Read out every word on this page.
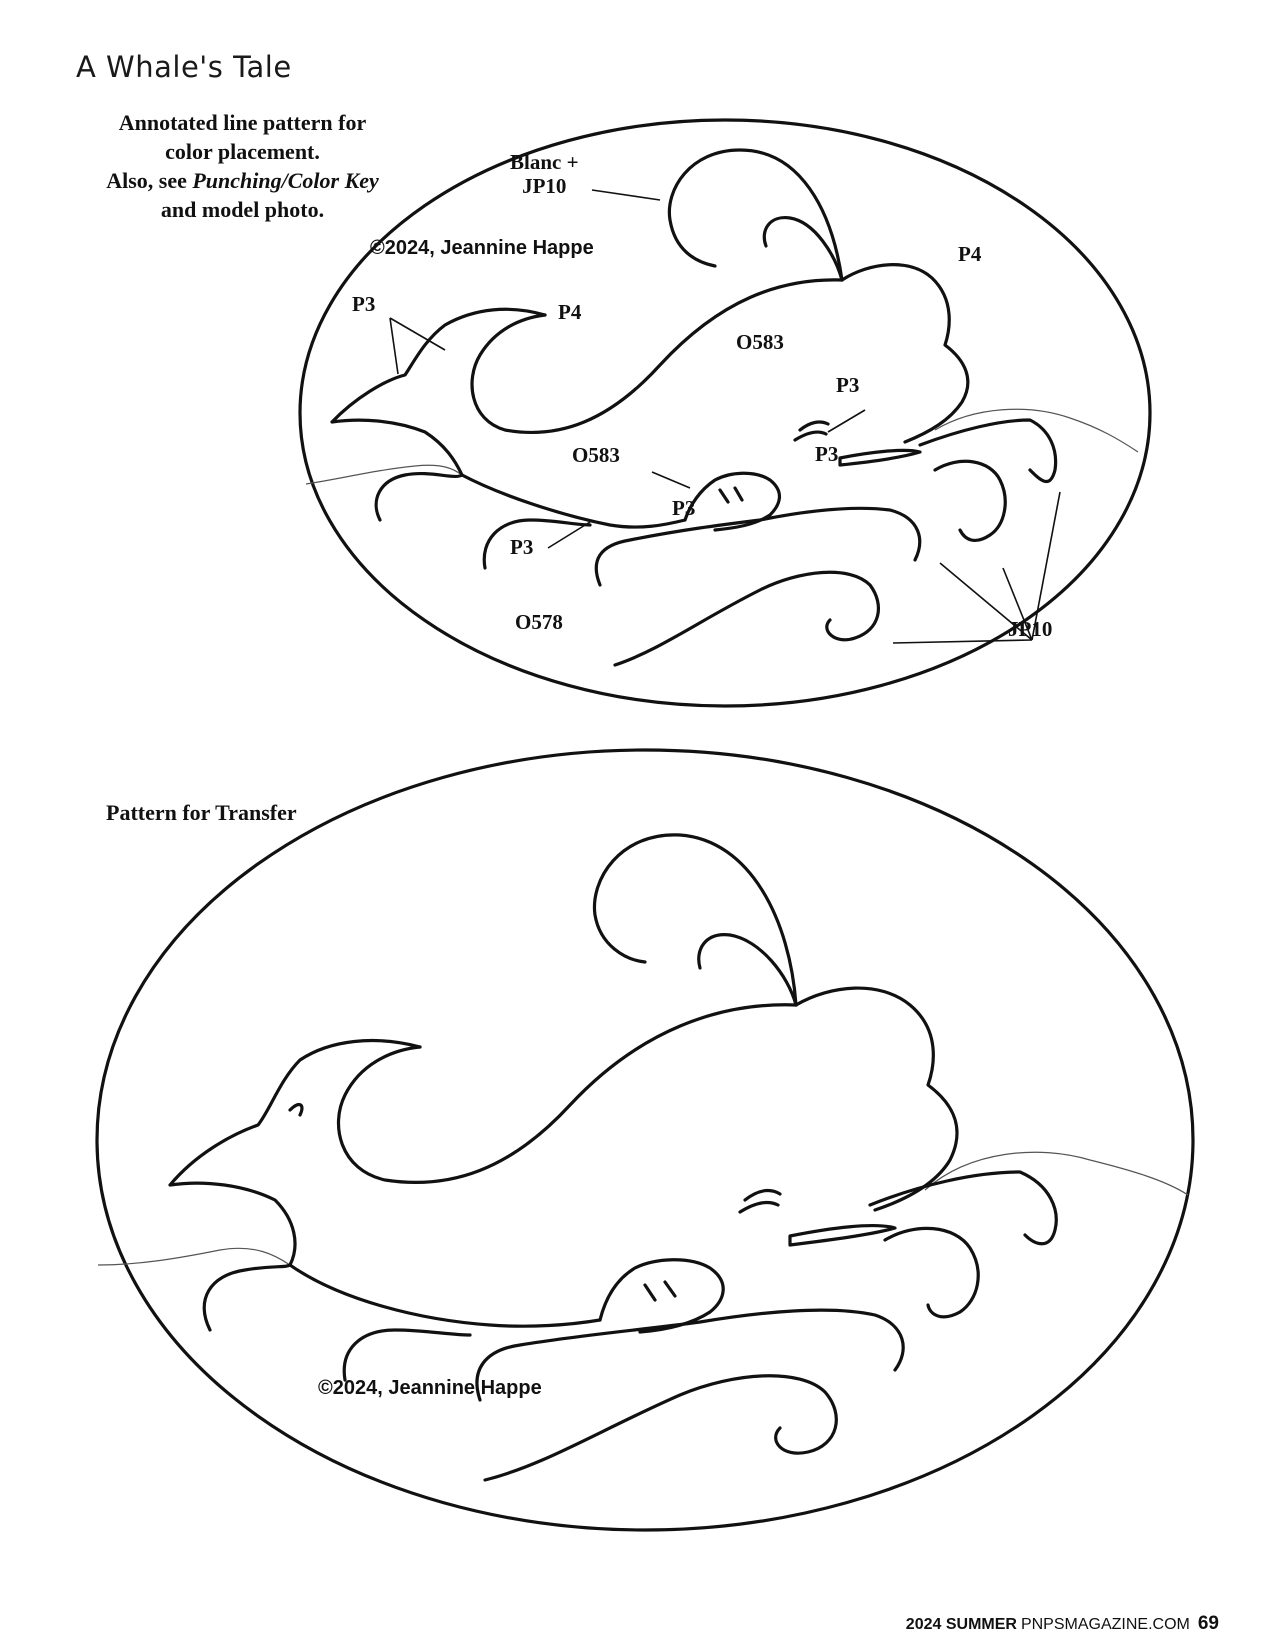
A Whale's Tale
Annotated line pattern for
color placement.
Also, see Punching/Color Key
and model photo.
Blanc +
JP10
©2024, Jeannine Happe	P4
P4
P3
O583
P3
P3
O583
P3
P3
O578	JP10
Pattern for Transfer
©2024, Jeannine Happe
2024 SUMMER PNPSMAGAZINE.COM 69
